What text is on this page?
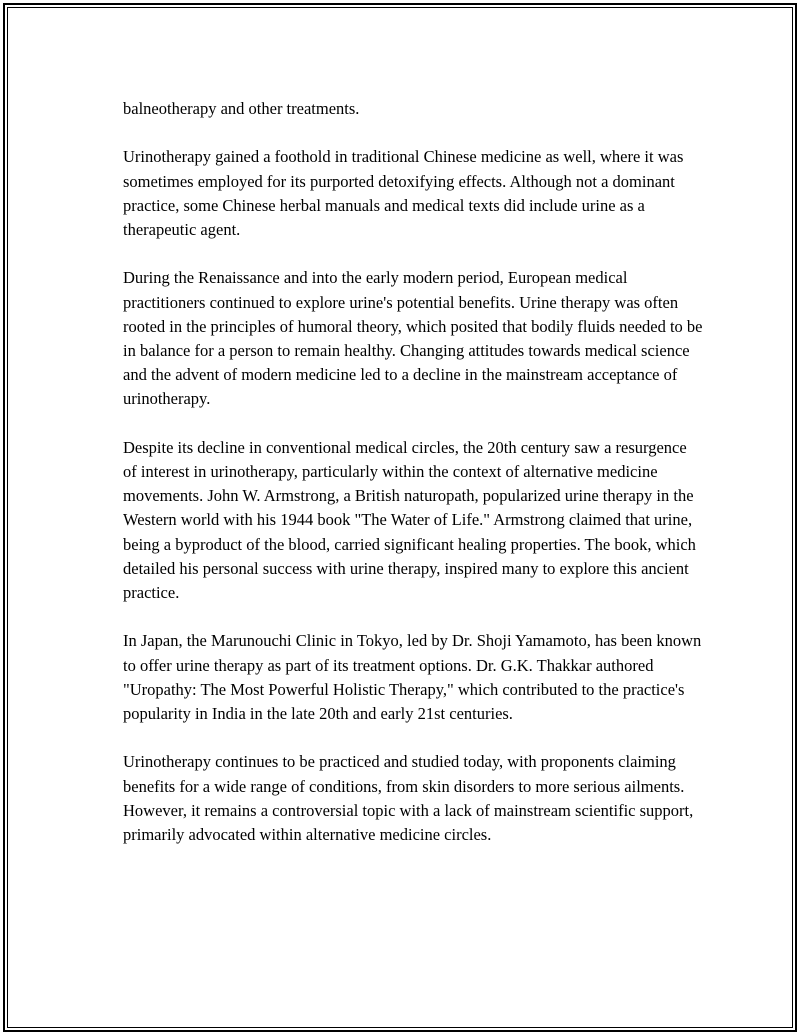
balneotherapy and other treatments.

Urinotherapy gained a foothold in traditional Chinese medicine as well, where it was sometimes employed for its purported detoxifying effects. Although not a dominant practice, some Chinese herbal manuals and medical texts did include urine as a therapeutic agent.

During the Renaissance and into the early modern period, European medical practitioners continued to explore urine's potential benefits. Urine therapy was often rooted in the principles of humoral theory, which posited that bodily fluids needed to be in balance for a person to remain healthy. Changing attitudes towards medical science and the advent of modern medicine led to a decline in the mainstream acceptance of urinotherapy.

Despite its decline in conventional medical circles, the 20th century saw a resurgence of interest in urinotherapy, particularly within the context of alternative medicine movements. John W. Armstrong, a British naturopath, popularized urine therapy in the Western world with his 1944 book "The Water of Life." Armstrong claimed that urine, being a byproduct of the blood, carried significant healing properties. The book, which detailed his personal success with urine therapy, inspired many to explore this ancient practice.

In Japan, the Marunouchi Clinic in Tokyo, led by Dr. Shoji Yamamoto, has been known to offer urine therapy as part of its treatment options. Dr. G.K. Thakkar authored "Uropathy: The Most Powerful Holistic Therapy," which contributed to the practice's popularity in India in the late 20th and early 21st centuries.

Urinotherapy continues to be practiced and studied today, with proponents claiming benefits for a wide range of conditions, from skin disorders to more serious ailments. However, it remains a controversial topic with a lack of mainstream scientific support, primarily advocated within alternative medicine circles.
